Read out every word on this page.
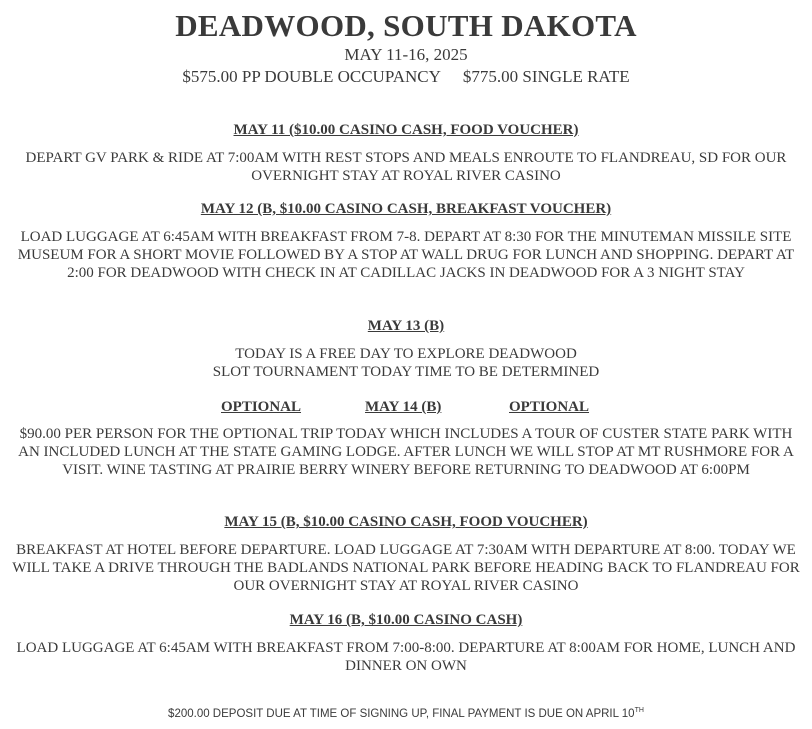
DEADWOOD, SOUTH DAKOTA
MAY 11-16, 2025
$575.00 PP DOUBLE OCCUPANCY $775.00 SINGLE RATE
MAY 11 ($10.00 CASINO CASH, FOOD VOUCHER)
DEPART GV PARK & RIDE AT 7:00AM WITH REST STOPS AND MEALS ENROUTE TO FLANDREAU, SD FOR OUR OVERNIGHT STAY AT ROYAL RIVER CASINO
MAY 12 (B, $10.00 CASINO CASH, BREAKFAST VOUCHER)
LOAD LUGGAGE AT 6:45AM WITH BREAKFAST FROM 7-8. DEPART AT 8:30 FOR THE MINUTEMAN MISSILE SITE MUSEUM FOR A SHORT MOVIE FOLLOWED BY A STOP AT WALL DRUG FOR LUNCH AND SHOPPING. DEPART AT 2:00 FOR DEADWOOD WITH CHECK IN AT CADILLAC JACKS IN DEADWOOD FOR A 3 NIGHT STAY
MAY 13 (B)
TODAY IS A FREE DAY TO EXPLORE DEADWOOD
SLOT TOURNAMENT TODAY TIME TO BE DETERMINED
OPTIONAL	MAY 14 (B)	OPTIONAL
$90.00 PER PERSON FOR THE OPTIONAL TRIP TODAY WHICH INCLUDES A TOUR OF CUSTER STATE PARK WITH AN INCLUDED LUNCH AT THE STATE GAMING LODGE. AFTER LUNCH WE WILL STOP AT MT RUSHMORE FOR A VISIT. WINE TASTING AT PRAIRIE BERRY WINERY BEFORE RETURNING TO DEADWOOD AT 6:00PM
MAY 15 (B, $10.00 CASINO CASH, FOOD VOUCHER)
BREAKFAST AT HOTEL BEFORE DEPARTURE. LOAD LUGGAGE AT 7:30AM WITH DEPARTURE AT 8:00. TODAY WE WILL TAKE A DRIVE THROUGH THE BADLANDS NATIONAL PARK BEFORE HEADING BACK TO FLANDREAU FOR OUR OVERNIGHT STAY AT ROYAL RIVER CASINO
MAY 16 (B, $10.00 CASINO CASH)
LOAD LUGGAGE AT 6:45AM WITH BREAKFAST FROM 7:00-8:00. DEPARTURE AT 8:00AM FOR HOME, LUNCH AND DINNER ON OWN
$200.00 DEPOSIT DUE AT TIME OF SIGNING UP, FINAL PAYMENT IS DUE ON APRIL 10TH
